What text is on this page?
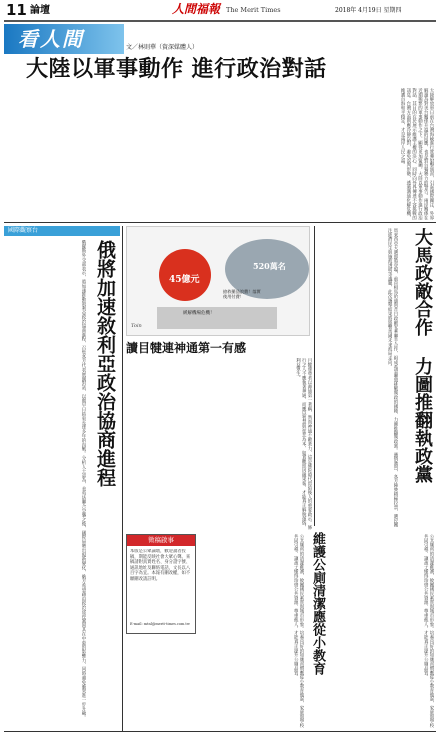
11 論壇	人間福報 The Merit Times	2018年 4月19日 星期四
看人間	文／林則華（資深媒體人）
大陸以軍事動作 進行政治對話
大陸解放軍日前在台灣海峽進行實彈射擊演習，引起國際關注，外界解讀為對美台關係升溫的回應，也是對台獨勢力的警告。兩岸關係在近期頻繁的軍事動作之下，顯得更加緊繃。大陸以軍事動作進行政治對話，其目的在於展示維護主權的決心，同時向外界傳達不容挑戰的訊息。台灣方面則應冷靜以對，避免誤判形勢，透過溝通化解危機，維護台海和平穩定，才是兩岸人民之福。
國際觀察台
俄將加速敘利亞政治協商進程
俄羅斯外交部表示，將加速推動敘利亞政治協商進程，召集各方代表展開對話，以期早日結束長達多年的內戰。分析人士認為，美英法聯合空襲之後，國際局勢出現新變化，俄方希望藉由政治途徑鞏固其在中東的影響力，同時避免衝突進一步升級。	45億元
520萬名
緩解機場危機！
搶救藥品浪費！落實使用付費！
Toin
讀目犍連神通第一有感
目犍連尊者以神通第一著稱，然而神通不敵業力，這是佛陀時代留給後人的重要啟示。修行之人不應執著神通，而應以智慧與慈悲為本，如實觀照因緣果報，才能真正解脫煩惱，利益眾生。
徵稿啟事
本版是公眾論壇，歡迎讀者投稿，期能反映社會大眾心聲。來稿請附真實姓名、身分證字號、通訊地址及聯絡電話，文長以八百字為宜。本報有刪改權，如不願刪改請註明。
E-mail: mtnl@merit-times.com.tw	維護公廁清潔應從小教育
公共廁所的清潔維護，攸關國民素質與城市形象。培養良好的如廁習慣應從小教育做起，家庭與學校共同引導，讓孩子懂得珍惜公共資源、尊重他人，才能真正提升公廁品質。
大馬政敵合作 力圖推翻執政黨
馬來西亞大選即將登場，前首相馬哈迪與昔日政敵安華聯手合作，組成希望聯盟挑戰執政的國陣，力圖推翻執政黨。選情激烈，各方陣營積極拉票，選民關注經濟民生與施政透明等議題，此次選舉結果將影響馬國未來政局走向。
公共廁所的清潔維護，攸關國民素質與城市形象。培養良好的如廁習慣應從小教育做起，家庭與學校共同引導，讓孩子懂得珍惜公共資源、尊重他人，才能真正提升公廁品質。
